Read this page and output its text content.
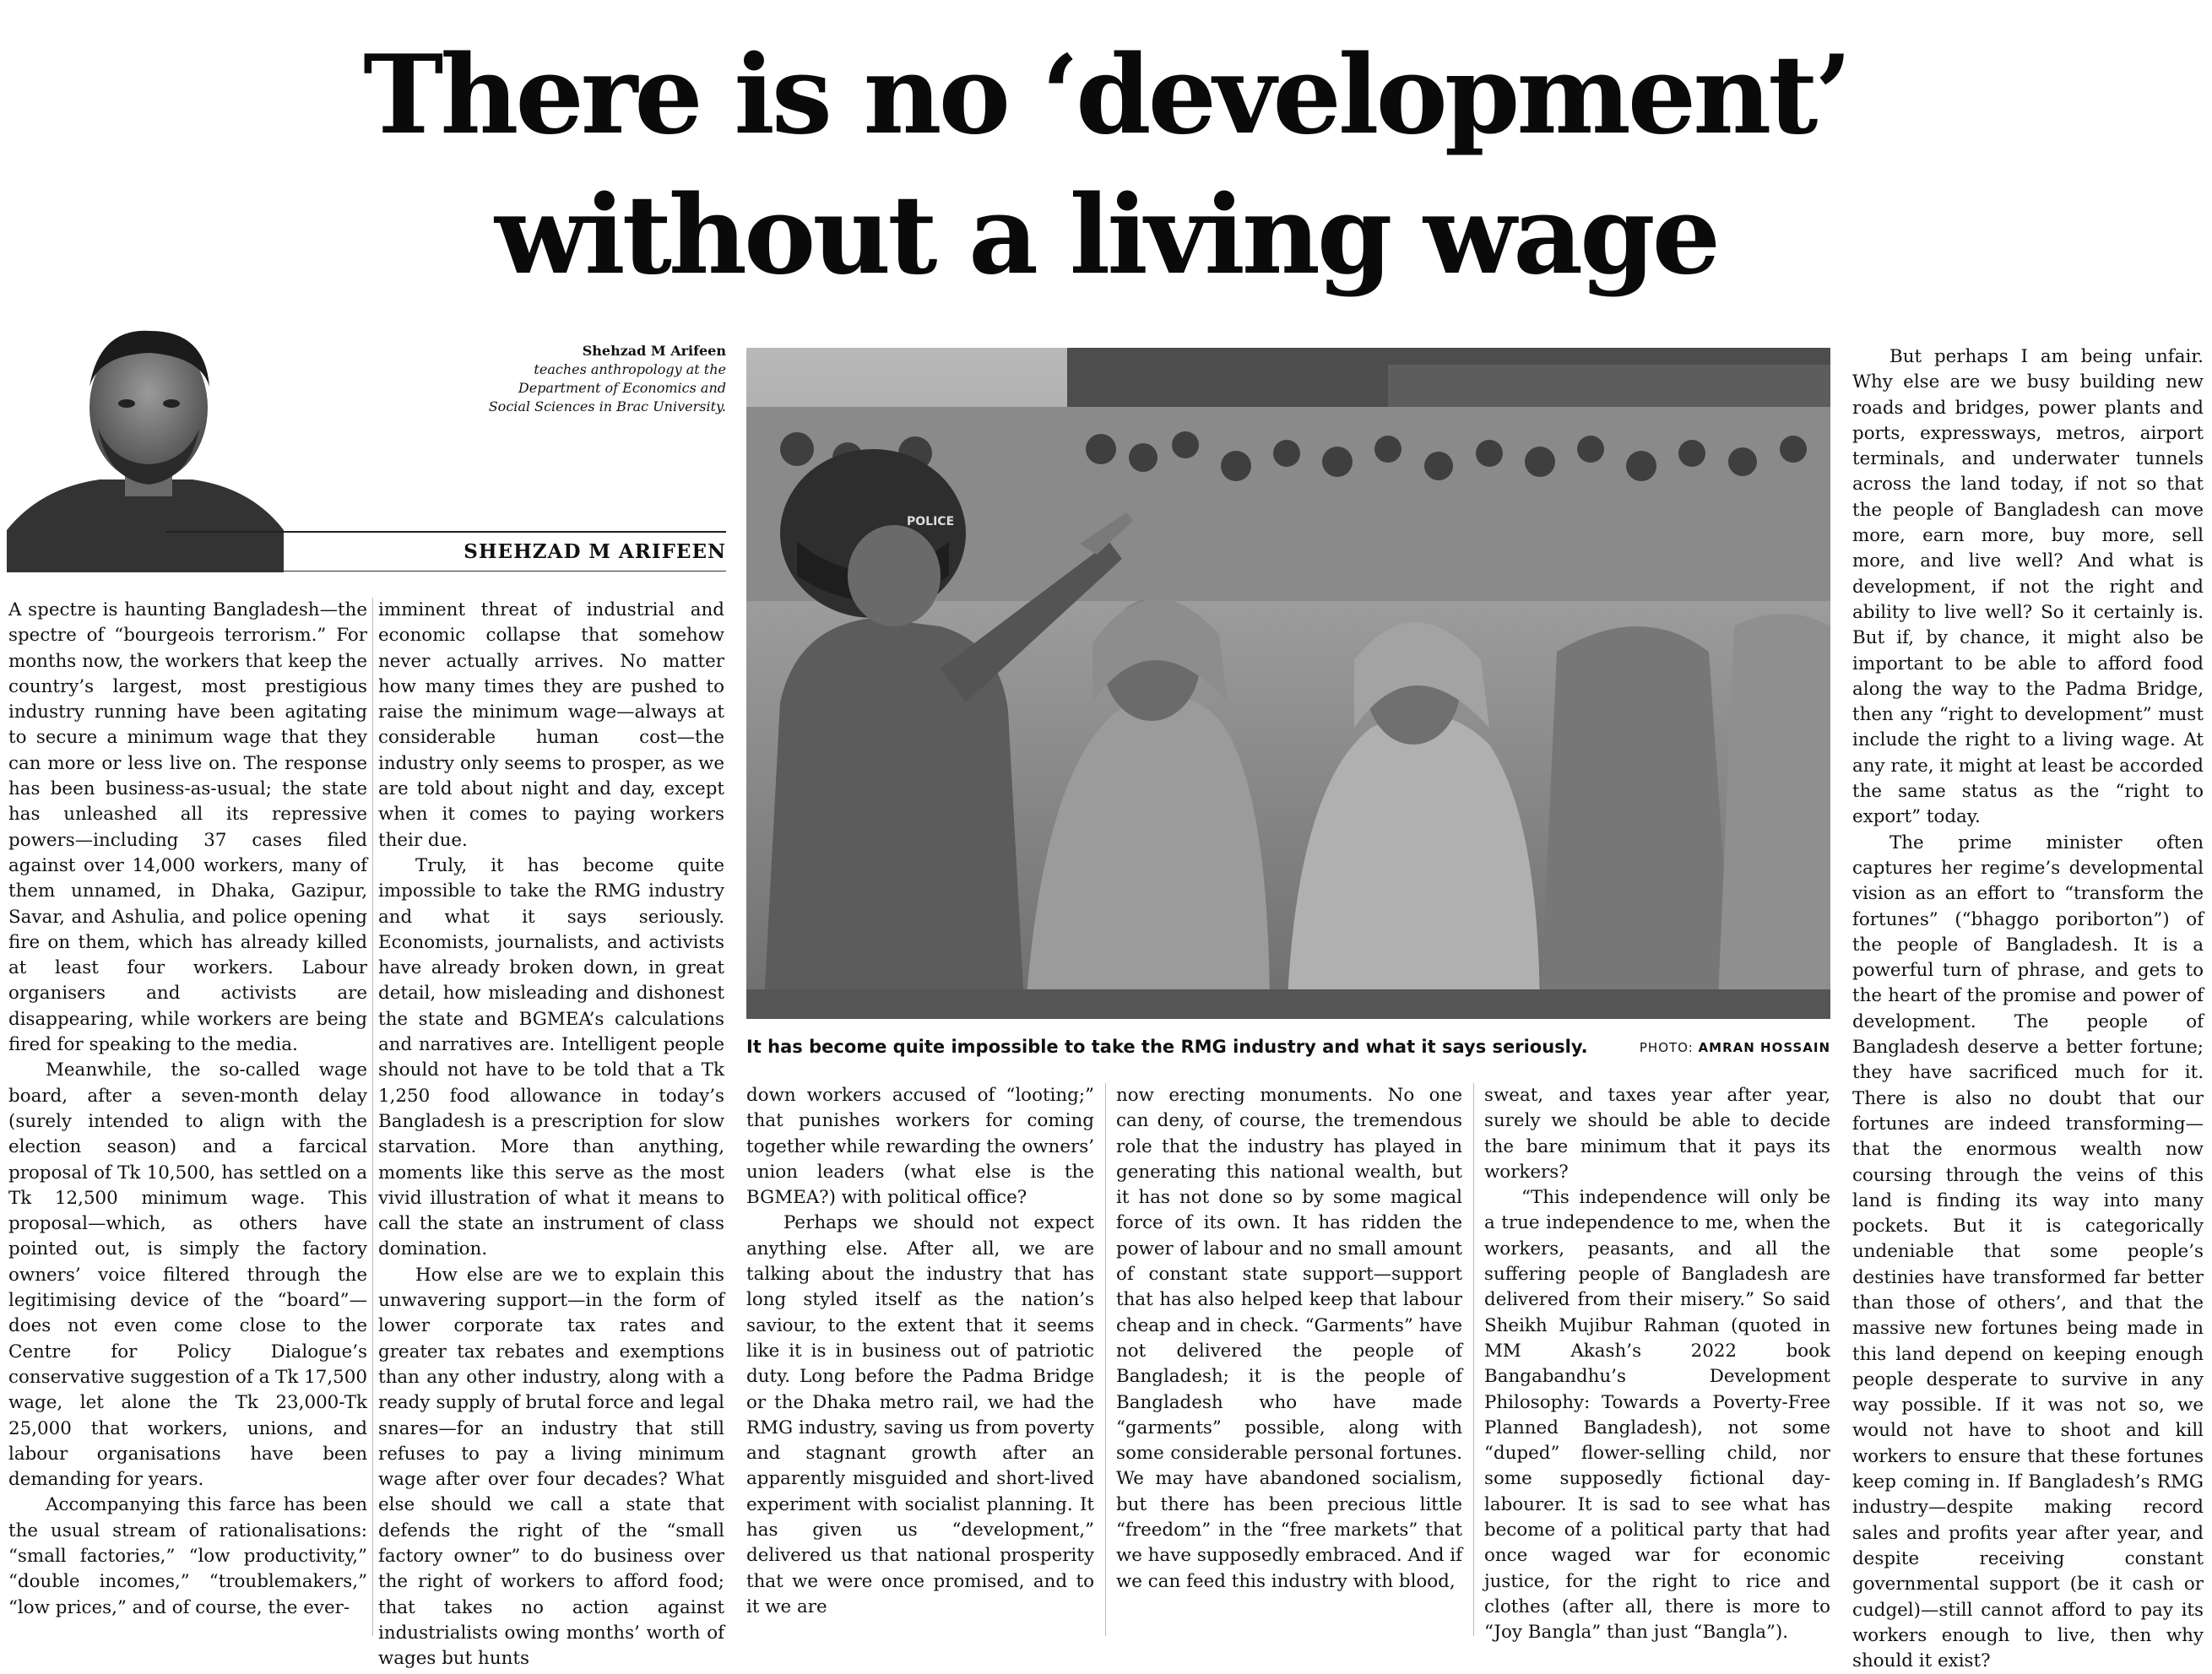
There is no ‘development’
without a living wage
Shehzad M Arifeen
teaches anthropology at the
Department of Economics and
Social Sciences in Brac University.
SHEHZAD M ARIFEEN
POLICE
It has become quite impossible to take the RMG industry and what it says seriously.	PHOTO: AMRAN HOSSAIN

A spectre is haunting Bangladesh—the spectre of “bourgeois terrorism.” For months now, the workers that keep the country’s largest, most prestigious industry running have been agitating to secure a minimum wage that they can more or less live on. The response has been business-as-usual; the state has unleashed all its repressive powers—including 37 cases filed against over 14,000 workers, many of them unnamed, in Dhaka, Gazipur, Savar, and Ashulia, and police opening fire on them, which has already killed at least four workers. Labour organisers and activists are disappearing, while workers are being fired for speaking to the media.

Meanwhile, the so-called wage board, after a seven-month delay (surely intended to align with the election season) and a farcical proposal of Tk 10,500, has settled on a Tk 12,500 minimum wage. This proposal—which, as others have pointed out, is simply the factory owners’ voice filtered through the legitimising device of the “board”—does not even come close to the Centre for Policy Dialogue’s conservative suggestion of a Tk 17,500 wage, let alone the Tk 23,000-Tk 25,000 that workers, unions, and labour organisations have been demanding for years.

Accompanying this farce has been the usual stream of rationalisations: “small factories,” “low productivity,” “double incomes,” “troublemakers,” “low prices,” and of course, the ever-

imminent threat of industrial and economic collapse that somehow never actually arrives. No matter how many times they are pushed to raise the minimum wage—always at considerable human cost—the industry only seems to prosper, as we are told about night and day, except when it comes to paying workers their due.

Truly, it has become quite impossible to take the RMG industry and what it says seriously. Economists, journalists, and activists have already broken down, in great detail, how misleading and dishonest the state and BGMEA’s calculations and narratives are. Intelligent people should not have to be told that a Tk 1,250 food allowance in today’s Bangladesh is a prescription for slow starvation. More than anything, moments like this serve as the most vivid illustration of what it means to call the state an instrument of class domination.

How else are we to explain this unwavering support—in the form of lower corporate tax rates and greater tax rebates and exemptions than any other industry, along with a ready supply of brutal force and legal snares—for an industry that still refuses to pay a living minimum wage after over four decades? What else should we call a state that defends the right of the “small factory owner” to do business over the right of workers to afford food; that takes no action against industrialists owing months’ worth of wages but hunts

down workers accused of “looting;” that punishes workers for coming together while rewarding the owners’ union leaders (what else is the BGMEA?) with political office?

Perhaps we should not expect anything else. After all, we are talking about the industry that has long styled itself as the nation’s saviour, to the extent that it seems like it is in business out of patriotic duty. Long before the Padma Bridge or the Dhaka metro rail, we had the RMG industry, saving us from poverty and stagnant growth after an apparently misguided and short-lived experiment with socialist planning. It has given us “development,” delivered us that national prosperity that we were once promised, and to it we are

now erecting monuments. No one can deny, of course, the tremendous role that the industry has played in generating this national wealth, but it has not done so by some magical force of its own. It has ridden the power of labour and no small amount of constant state support—support that has also helped keep that labour cheap and in check. “Garments” have not delivered the people of Bangladesh; it is the people of Bangladesh who have made “garments” possible, along with some considerable personal fortunes. We may have abandoned socialism, but there has been precious little “freedom” in the “free markets” that we have supposedly embraced. And if we can feed this industry with blood,

sweat, and taxes year after year, surely we should be able to decide the bare minimum that it pays its workers?

“This independence will only be a true independence to me, when the workers, peasants, and all the suffering people of Bangladesh are delivered from their misery.” So said Sheikh Mujibur Rahman (quoted in MM Akash’s 2022 book Bangabandhu’s Development Philosophy: Towards a Poverty-Free Planned Bangladesh), not some “duped” flower-selling child, nor some supposedly fictional day-labourer. It is sad to see what has become of a political party that had once waged war for economic justice, for the right to rice and clothes (after all, there is more to “Joy Bangla” than just “Bangla”).

But perhaps I am being unfair. Why else are we busy building new roads and bridges, power plants and ports, expressways, metros, airport terminals, and underwater tunnels across the land today, if not so that the people of Bangladesh can move more, earn more, buy more, sell more, and live well? And what is development, if not the right and ability to live well? So it certainly is. But if, by chance, it might also be important to be able to afford food along the way to the Padma Bridge, then any “right to development” must include the right to a living wage. At any rate, it might at least be accorded the same status as the “right to export” today.

The prime minister often captures her regime’s developmental vision as an effort to “transform the fortunes” (“bhaggo poriborton”) of the people of Bangladesh. It is a powerful turn of phrase, and gets to the heart of the promise and power of development. The people of Bangladesh deserve a better fortune; they have sacrificed much for it. There is also no doubt that our fortunes are indeed transforming—that the enormous wealth now coursing through the veins of this land is finding its way into many pockets. But it is categorically undeniable that some people’s destinies have transformed far better than those of others’, and that the massive new fortunes being made in this land depend on keeping enough people desperate to survive in any way possible. If it was not so, we would not have to shoot and kill workers to ensure that these fortunes keep coming in. If Bangladesh’s RMG industry—despite making record sales and profits year after year, and despite receiving constant governmental support (be it cash or cudgel)—still cannot afford to pay its workers enough to live, then why should it exist?
